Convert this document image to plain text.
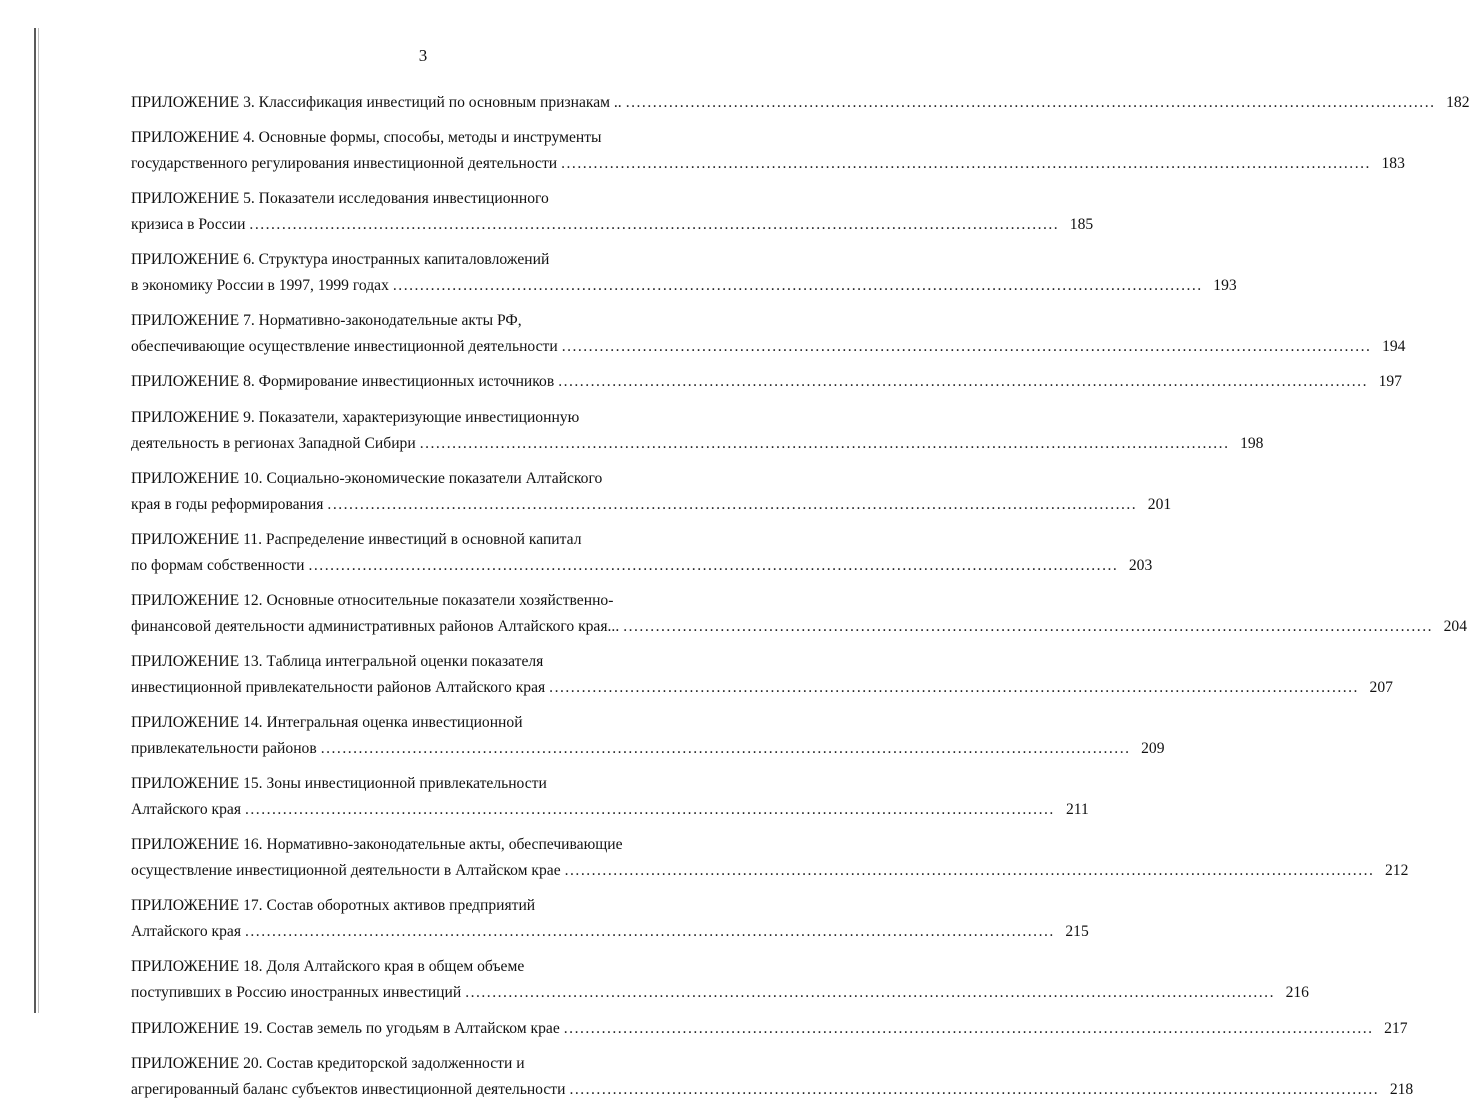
3
ПРИЛОЖЕНИЕ 3. Классификация инвестиций по основным признакам .. ...................................................................................................................................................... 182
ПРИЛОЖЕНИЕ 4. Основные формы, способы, методы и инструменты
государственного регулирования инвестиционной деятельности ...................................................................................................................................................... 183
ПРИЛОЖЕНИЕ 5. Показатели исследования инвестиционного
кризиса в России ...................................................................................................................................................... 185
ПРИЛОЖЕНИЕ 6. Структура иностранных капиталовложений
в экономику России в 1997, 1999 годах ...................................................................................................................................................... 193
ПРИЛОЖЕНИЕ 7. Нормативно-законодательные акты РФ,
обеспечивающие осуществление инвестиционной деятельности ...................................................................................................................................................... 194
ПРИЛОЖЕНИЕ 8. Формирование инвестиционных источников ...................................................................................................................................................... 197
ПРИЛОЖЕНИЕ 9. Показатели, характеризующие инвестиционную
деятельность в регионах Западной Сибири ...................................................................................................................................................... 198
ПРИЛОЖЕНИЕ 10. Социально-экономические показатели Алтайского
края в годы реформирования ...................................................................................................................................................... 201
ПРИЛОЖЕНИЕ 11. Распределение инвестиций в основной капитал
по формам собственности ...................................................................................................................................................... 203
ПРИЛОЖЕНИЕ 12. Основные относительные показатели хозяйственно-
финансовой деятельности административных районов Алтайского края... ...................................................................................................................................................... 204
ПРИЛОЖЕНИЕ 13. Таблица интегральной оценки показателя
инвестиционной привлекательности районов Алтайского края ...................................................................................................................................................... 207
ПРИЛОЖЕНИЕ 14. Интегральная оценка инвестиционной
привлекательности районов ...................................................................................................................................................... 209
ПРИЛОЖЕНИЕ 15. Зоны инвестиционной привлекательности
Алтайского края ...................................................................................................................................................... 211
ПРИЛОЖЕНИЕ 16. Нормативно-законодательные акты, обеспечивающие
осуществление инвестиционной деятельности в Алтайском крае ...................................................................................................................................................... 212
ПРИЛОЖЕНИЕ 17. Состав оборотных активов предприятий
Алтайского края ...................................................................................................................................................... 215
ПРИЛОЖЕНИЕ 18. Доля Алтайского края в общем объеме
поступивших в Россию иностранных инвестиций ...................................................................................................................................................... 216
ПРИЛОЖЕНИЕ 19. Состав земель по угодьям в Алтайском крае ...................................................................................................................................................... 217
ПРИЛОЖЕНИЕ 20. Состав кредиторской задолженности и
агрегированный баланс субъектов инвестиционной деятельности ...................................................................................................................................................... 218
